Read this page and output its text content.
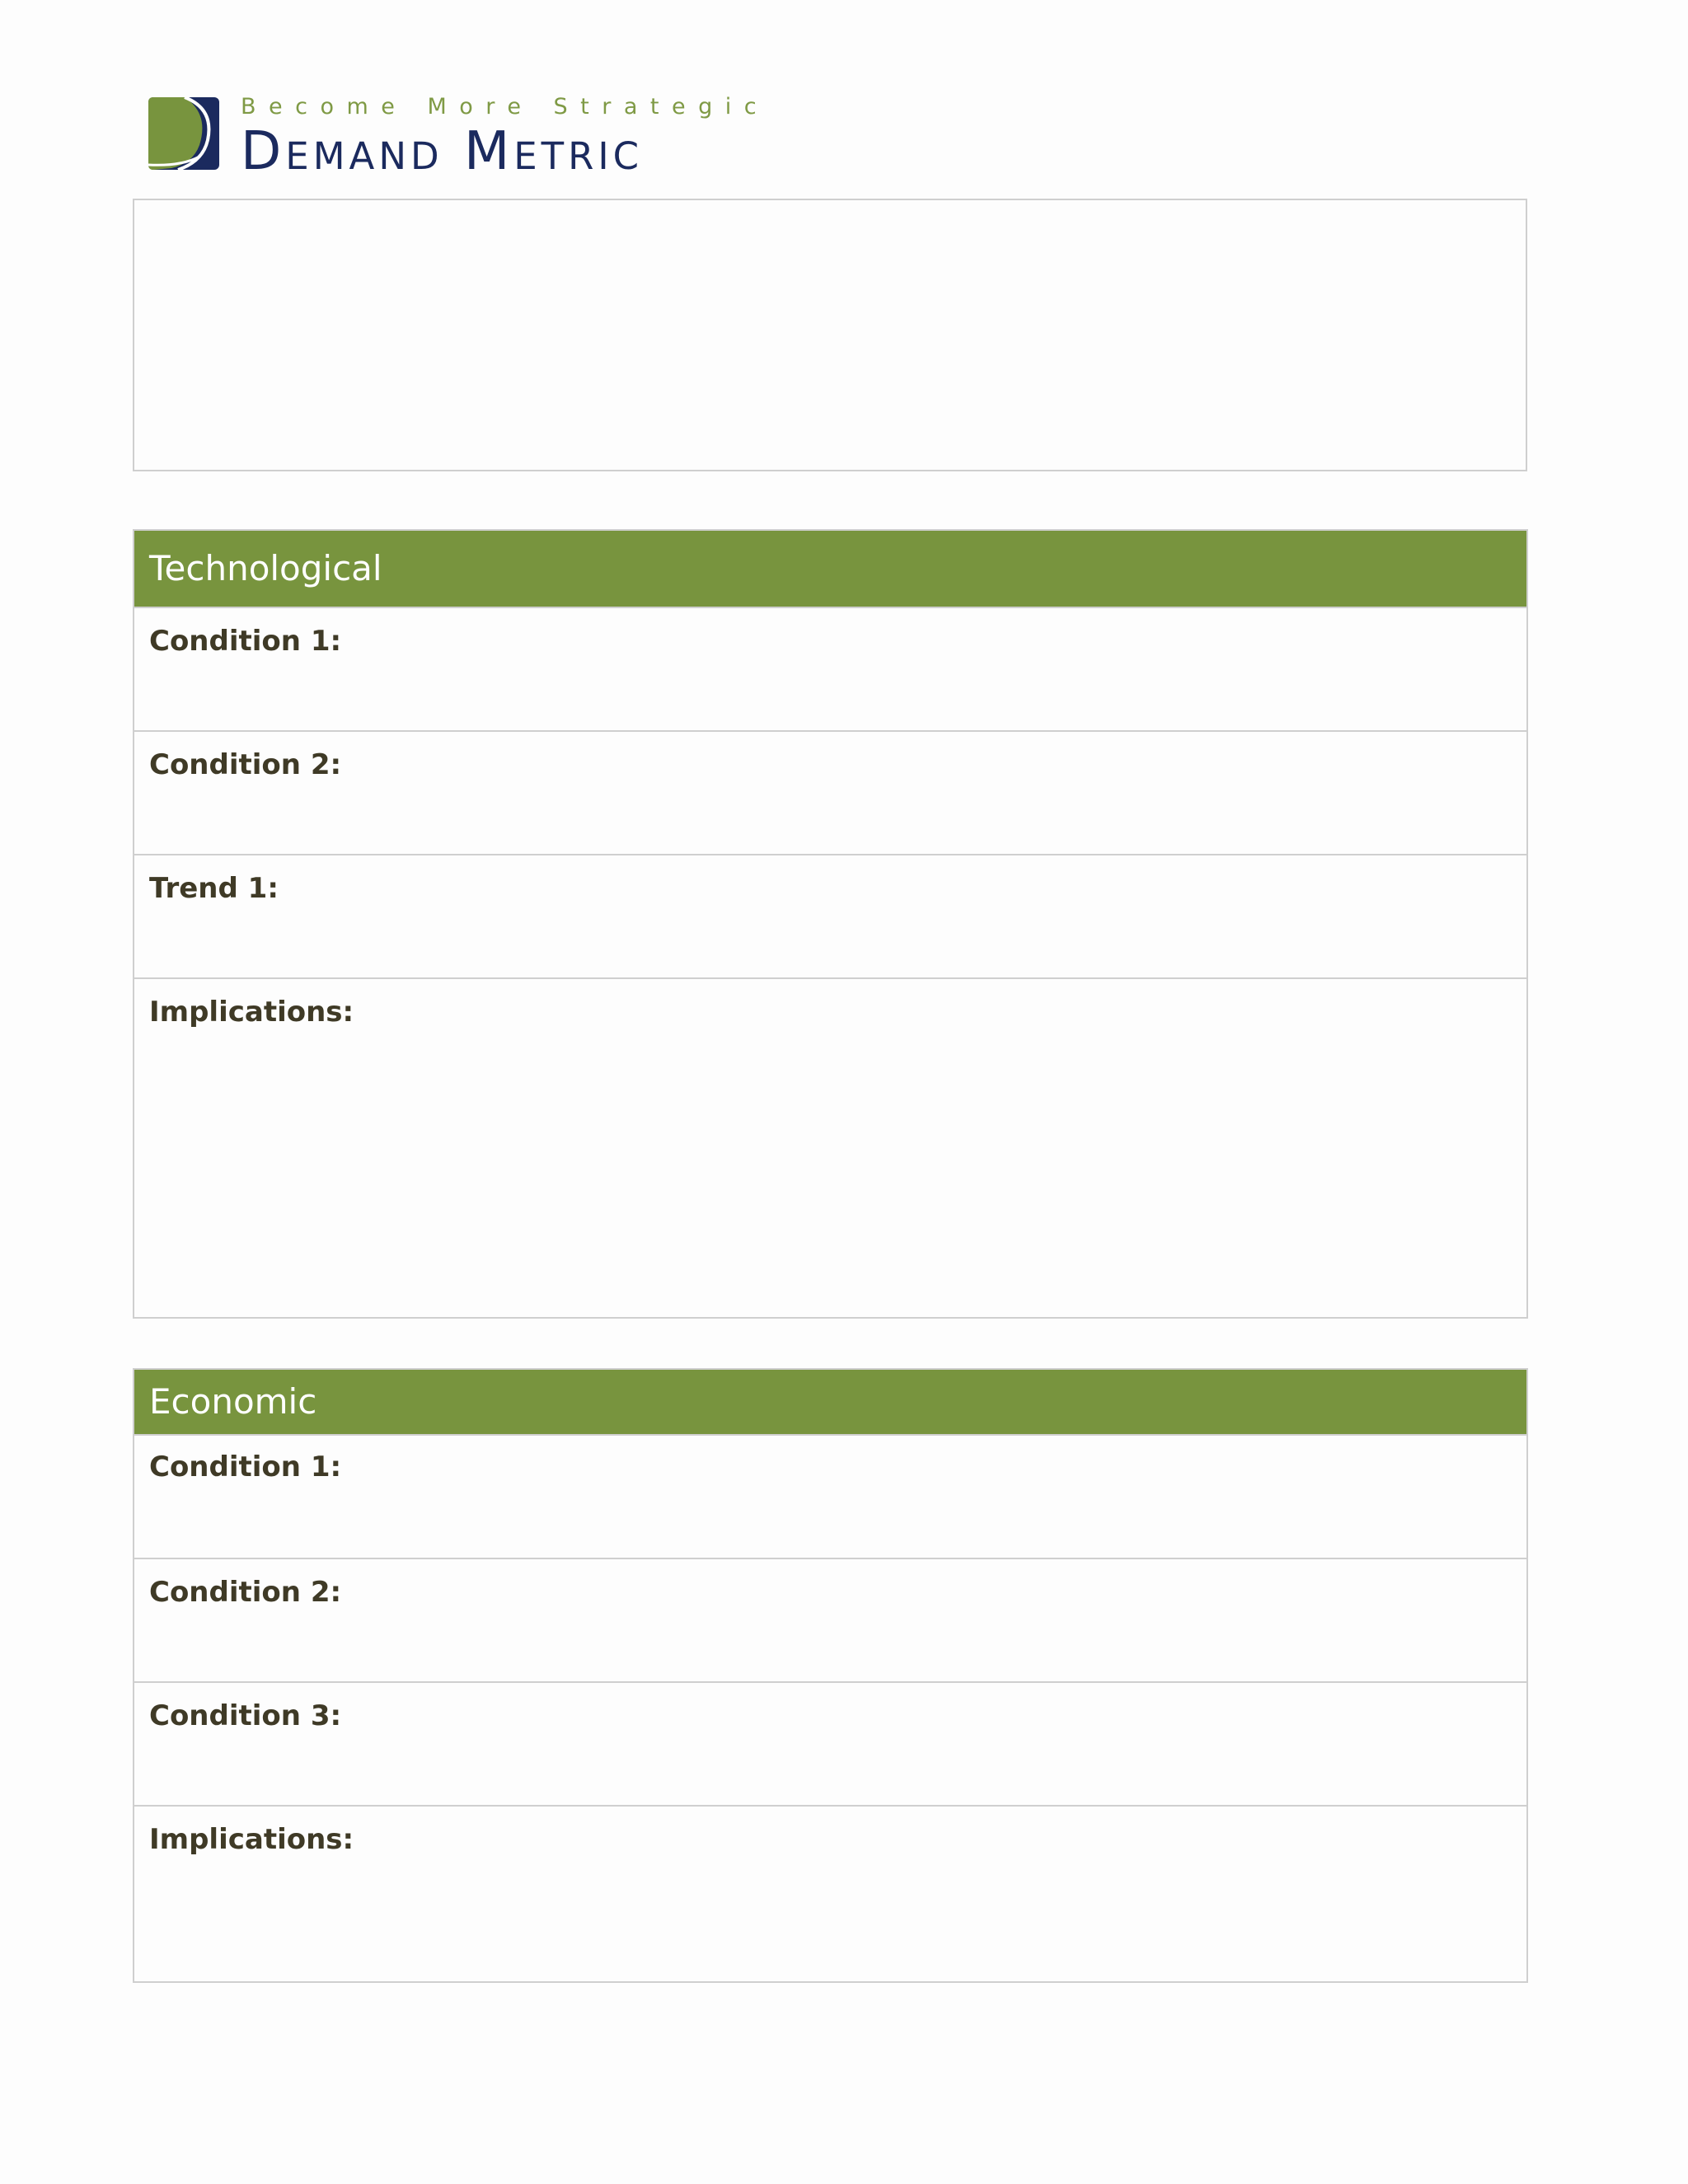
Become More Strategic
Demand Metric
Technological
Condition 1:
Condition 2:
Trend 1:
Implications:
Economic
Condition 1:
Condition 2:
Condition 3:
Implications:
